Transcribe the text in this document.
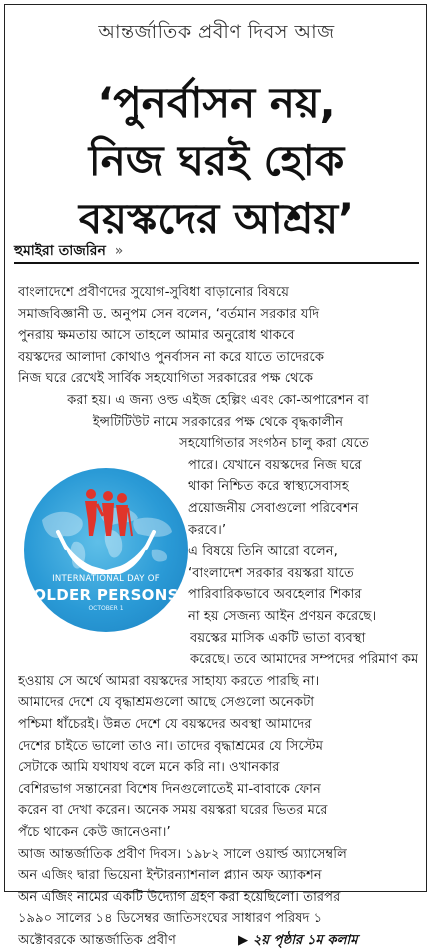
আন্তর্জাতিক প্রবীণ দিবস আজ
‘পুনর্বাসন নয়,
নিজ ঘরই হোক
বয়স্কদের আশ্রয়’
হুমাইরা তাজরিন »
INTERNATIONAL DAY OF
OLDER PERSONS
OCTOBER 1
বাংলাদেশে প্রবীণদের সুযোগ-সুবিধা বাড়ানোর বিষয়ে
সমাজবিজ্ঞানী ড. অনুপম সেন বলেন, ‘বর্তমান সরকার যদি
পুনরায় ক্ষমতায় আসে তাহলে আমার অনুরোধ থাকবে
বয়স্কদের আলাদা কোথাও পুনর্বাসন না করে যাতে তাদেরকে
নিজ ঘরে রেখেই সার্বিক সহযোগিতা সরকারের পক্ষ থেকে
করা হয়। এ জন্য ওল্ড এইজ হেল্পিং এবং কো-অপারেশন বা
ইন্সটিটিউট নামে সরকারের পক্ষ থেকে বৃদ্ধকালীন
সহযোগিতার সংগঠন চালু করা যেতে
পারে। যেখানে বয়স্কদের নিজ ঘরে
থাকা নিশ্চিত করে স্বাস্থ্যসেবাসহ
প্রয়োজনীয় সেবাগুলো পরিবেশন
করবে।’
এ বিষয়ে তিনি আরো বলেন,
‘বাংলাদেশ সরকার বয়স্করা যাতে
পারিবারিকভাবে অবহেলার শিকার
না হয় সেজন্য আইন প্রণয়ন করেছে।
বয়স্কের মাসিক একটি ভাতা ব্যবস্থা
করেছে। তবে আমাদের সম্পদের পরিমাণ কম
হওয়ায় সে অর্থে আমরা বয়স্কদের সাহায্য করতে পারছি না।
আমাদের দেশে যে বৃদ্ধাশ্রমগুলো আছে সেগুলো অনেকটা
পশ্চিমা ধাঁচেরই। উন্নত দেশে যে বয়স্কদের অবস্থা আমাদের
দেশের চাইতে ভালো তাও না। তাদের বৃদ্ধাশ্রমের যে সিস্টেম
সেটাকে আমি যথাযথ বলে মনে করি না। ওখানকার
বেশিরভাগ সন্তানেরা বিশেষ দিনগুলোতেই মা-বাবাকে ফোন
করেন বা দেখা করেন। অনেক সময় বয়স্করা ঘরের ভিতর মরে
পঁচে থাকেন কেউ জানেওনা।’
আজ আন্তর্জাতিক প্রবীণ দিবস। ১৯৮২ সালে ওয়ার্ল্ড অ্যাসেম্বলি
অন এজিং দ্বারা ভিয়েনা ইন্টারন্যাশনাল প্ল্যান অফ অ্যাকশন
অন এজিং নামের একটি উদ্যোগ গ্রহণ করা হয়েছিলো। তারপর
১৯৯০ সালের ১৪ ডিসেম্বর জাতিসংঘের সাধারণ পরিষদ ১
অক্টোবরকে আন্তর্জাতিক প্রবীণ	▶ ২য় পৃষ্ঠার ১ম কলাম
